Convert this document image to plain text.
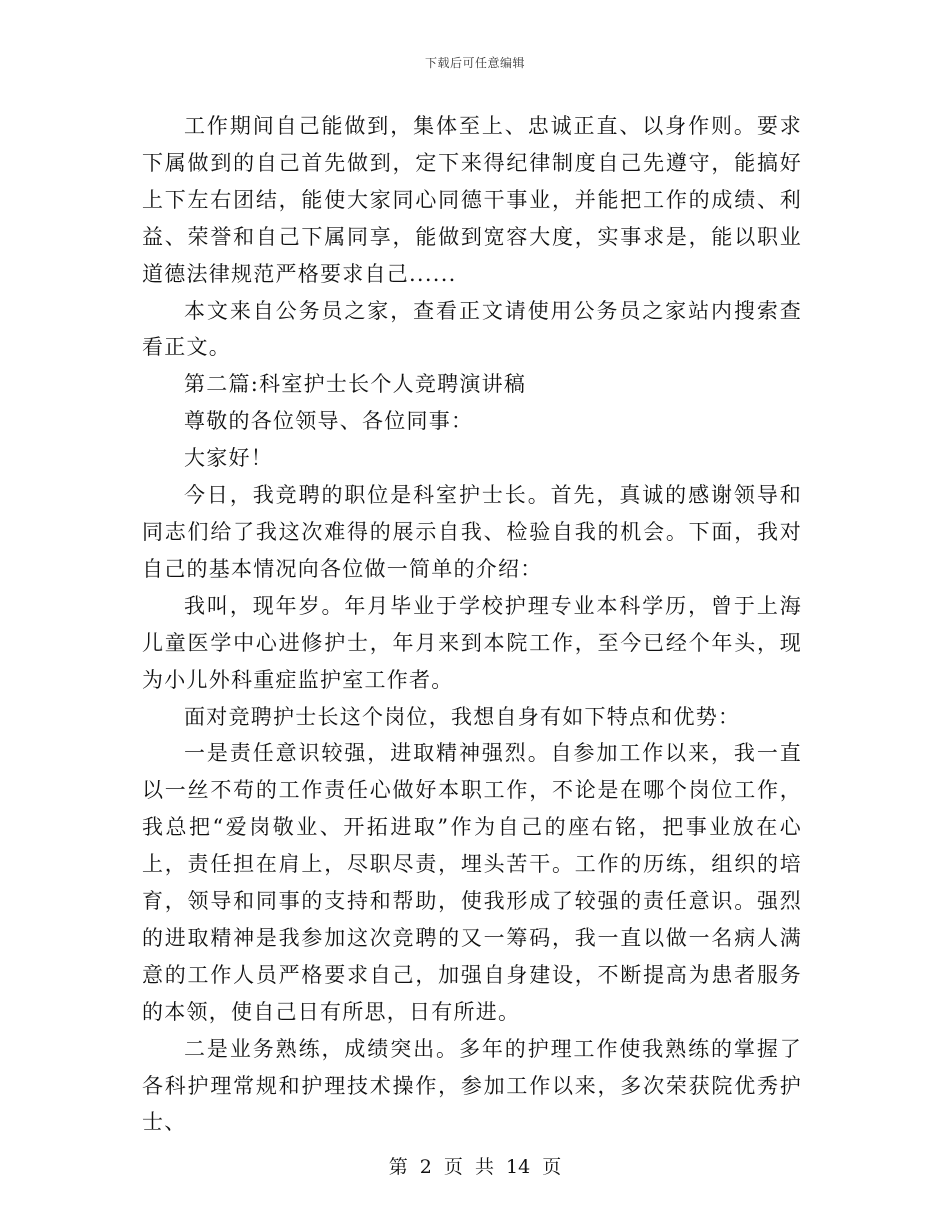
下载后可任意编辑

工作期间自己能做到，集体至上、忠诚正直、以身作则。要求下属做到的自己首先做到，定下来得纪律制度自己先遵守，能搞好上下左右团结，能使大家同心同德干事业，并能把工作的成绩、利益、荣誉和自己下属同享，能做到宽容大度，实事求是，能以职业道德法律规范严格要求自己......

本文来自公务员之家，查看正文请使用公务员之家站内搜索查看正文。

第二篇:科室护士长个人竞聘演讲稿

尊敬的各位领导、各位同事：

大家好！

今日，我竞聘的职位是科室护士长。首先，真诚的感谢领导和同志们给了我这次难得的展示自我、检验自我的机会。下面，我对自己的基本情况向各位做一简单的介绍：

我叫，现年岁。年月毕业于学校护理专业本科学历，曾于上海儿童医学中心进修护士，年月来到本院工作，至今已经个年头，现为小儿外科重症监护室工作者。

面对竞聘护士长这个岗位，我想自身有如下特点和优势：

一是责任意识较强，进取精神强烈。自参加工作以来，我一直以一丝不苟的工作责任心做好本职工作，不论是在哪个岗位工作，我总把“爱岗敬业、开拓进取”作为自己的座右铭，把事业放在心上，责任担在肩上，尽职尽责，埋头苦干。工作的历练，组织的培育，领导和同事的支持和帮助，使我形成了较强的责任意识。强烈的进取精神是我参加这次竞聘的又一筹码，我一直以做一名病人满意的工作人员严格要求自己，加强自身建设，不断提高为患者服务的本领，使自己日有所思，日有所进。

二是业务熟练，成绩突出。多年的护理工作使我熟练的掌握了各科护理常规和护理技术操作，参加工作以来，多次荣获院优秀护士、

第 2 页 共 14 页
